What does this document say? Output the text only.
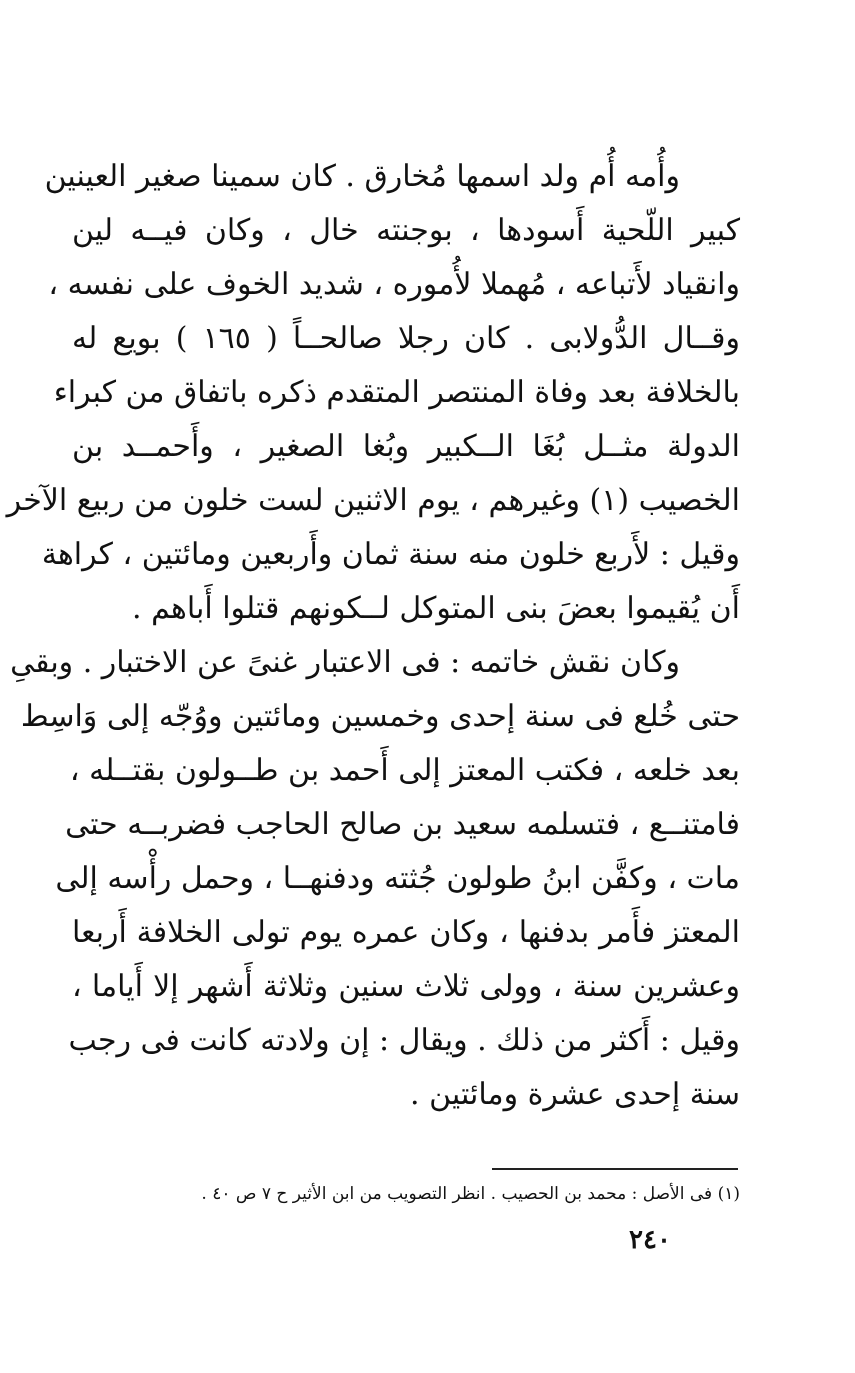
وأُمه أُم ولد اسمها مُخارق . كان سمينا صغير العينين
كبير اللّحية أَسودها ، بوجنته خال ، وكان فيــه لين
وانقياد لأَتباعه ، مُهملا لأُموره ، شديد الخوف على نفسه ،
وقــال الدُّولابى . كان رجلا صالحــاً ( ١٦٥ ) بويع له
بالخلافة بعد وفاة المنتصر المتقدم ذكره باتفاق من كبراء
الدولة مثــل بُغَا الــكبير وبُغا الصغير ، وأَحمــد بن
الخصيب (١) وغيرهم ، يوم الاثنين لست خلون من ربيع الآخر
وقيل : لأَربع خلون منه سنة ثمان وأَربعين ومائتين ، كراهة
أَن يُقيموا بعضَ بنى المتوكل لــكونهم قتلوا أَباهم .
وكان نقش خاتمه : فى الاعتبار غنىً عن الاختبار . وبقىِ
حتى خُلع فى سنة إحدى وخمسين ومائتين ووُجّه إلى وَاسِط
بعد خلعه ، فكتب المعتز إلى أَحمد بن طــولون بقتــله ،
فامتنــع ، فتسلمه سعيد بن صالح الحاجب فضربــه حتى
مات ، وكفَّن ابنُ طولون جُثته ودفنهــا ، وحمل رأْسه إلى
المعتز فأَمر بدفنها ، وكان عمره يوم تولى الخلافة أَربعا
وعشرين سنة ، وولى ثلاث سنين وثلاثة أَشهر إلا أَياما ،
وقيل : أَكثر من ذلك . ويقال : إن ولادته كانت فى رجب
سنة إحدى عشرة ومائتين .
(١) فى الأصل : محمد بن الحصيب . انظر التصويب من ابن الأثير ح ٧ ص ٤٠ .
٢٤٠
